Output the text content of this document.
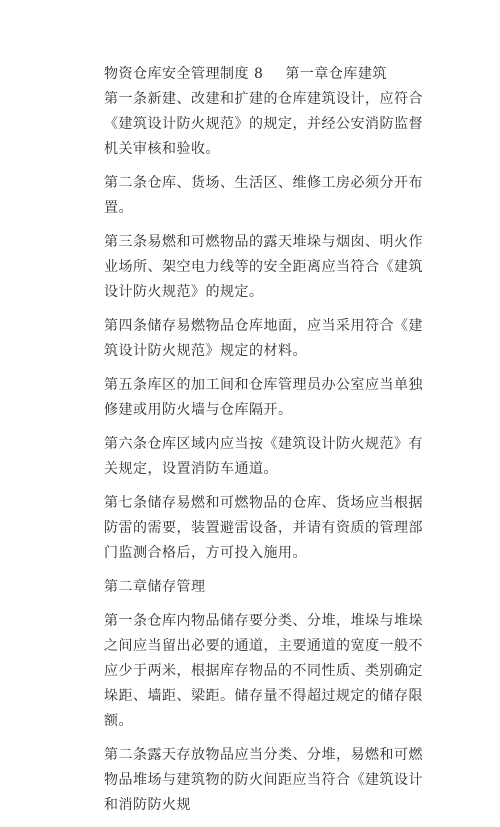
物资仓库安全管理制度 8 第一章仓库建筑

第一条新建、改建和扩建的仓库建筑设计，应符合《建筑设计防火规范》的规定，并经公安消防监督机关审核和验收。

第二条仓库、货场、生活区、维修工房必须分开布置。

第三条易燃和可燃物品的露天堆垛与烟囱、明火作业场所、架空电力线等的安全距离应当符合《建筑设计防火规范》的规定。

第四条储存易燃物品仓库地面，应当采用符合《建筑设计防火规范》规定的材料。

第五条库区的加工间和仓库管理员办公室应当单独修建或用防火墙与仓库隔开。

第六条仓库区域内应当按《建筑设计防火规范》有关规定，设置消防车通道。

第七条储存易燃和可燃物品的仓库、货场应当根据防雷的需要，装置避雷设备，并请有资质的管理部门监测合格后，方可投入施用。

第二章储存管理

第一条仓库内物品储存要分类、分堆，堆垛与堆垛之间应当留出必要的通道，主要通道的宽度一般不应少于两米，根据库存物品的不同性质、类别确定垛距、墙距、梁距。储存量不得超过规定的储存限额。

第二条露天存放物品应当分类、分堆，易燃和可燃物品堆场与建筑物的防火间距应当符合《建筑设计和消防防火规
